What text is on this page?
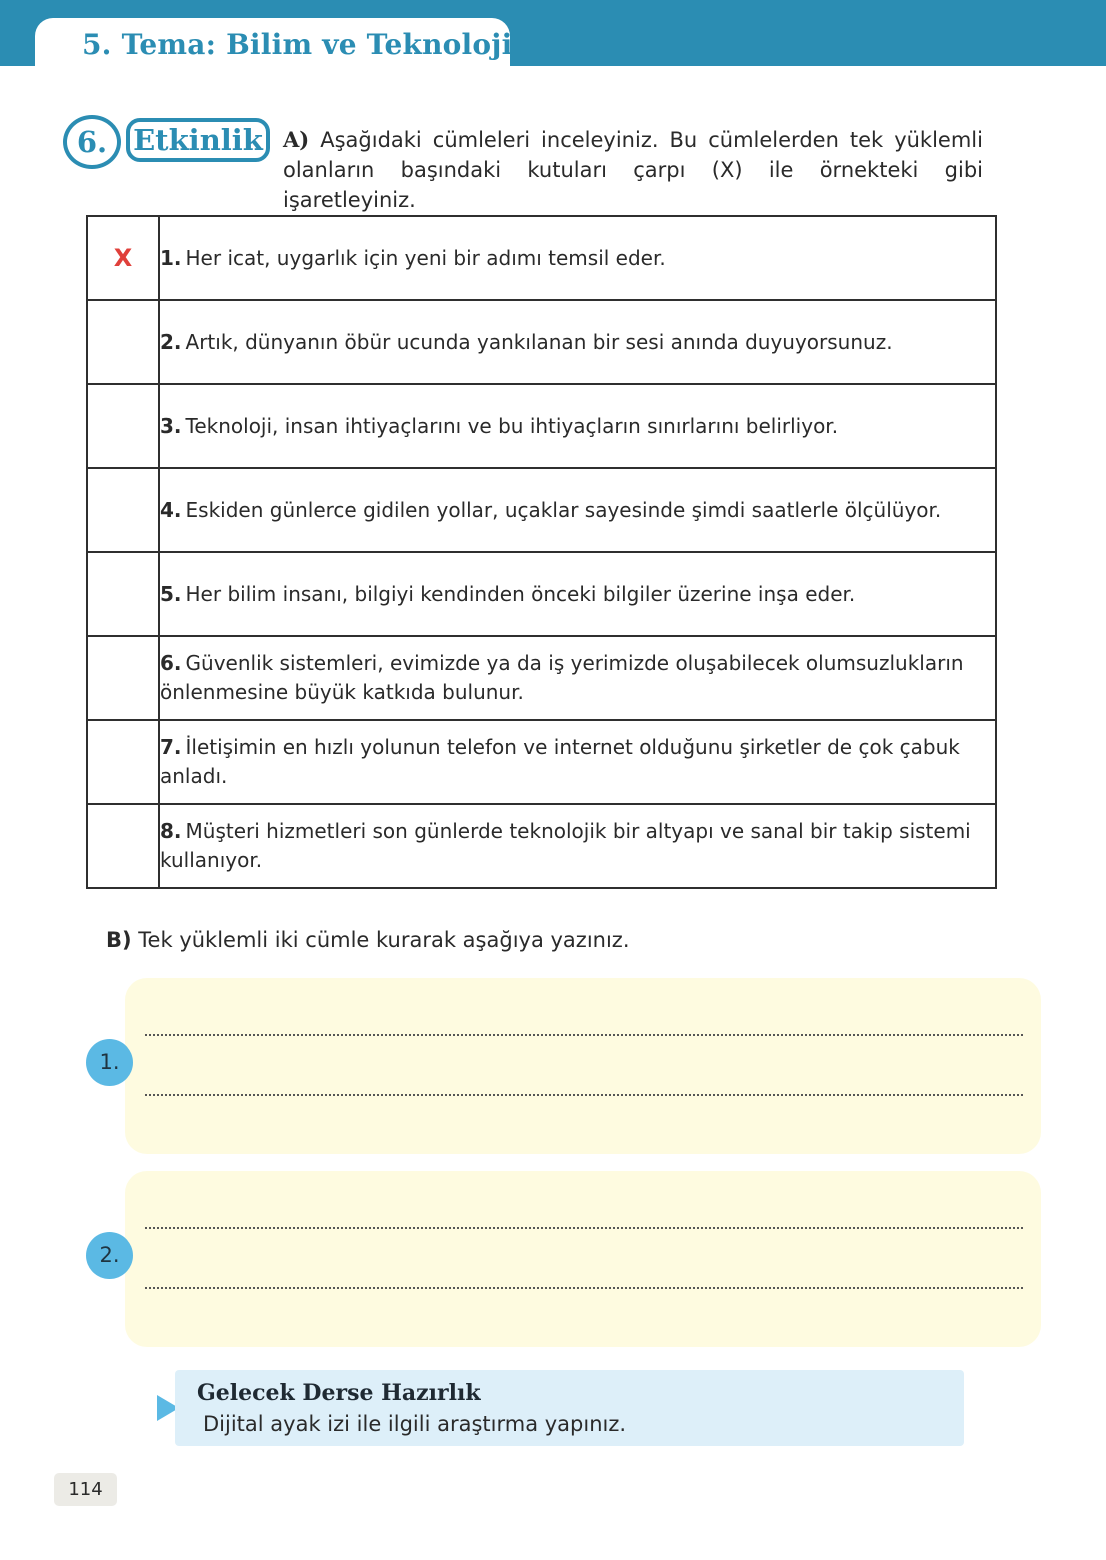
5. Tema: Bilim ve Teknoloji
6. Etkinlik A) Aşağıdaki cümleleri inceleyiniz. Bu cümlelerden tek yüklemli olanların başındaki kutuları çarpı (X) ile örnekteki gibi işaretleyiniz.
X	1. Her icat, uygarlık için yeni bir adımı temsil eder.
	2. Artık, dünyanın öbür ucunda yankılanan bir sesi anında duyuyorsunuz.
	3. Teknoloji, insan ihtiyaçlarını ve bu ihtiyaçların sınırlarını belirliyor.
	4. Eskiden günlerce gidilen yollar, uçaklar sayesinde şimdi saatlerle ölçülüyor.
	5. Her bilim insanı, bilgiyi kendinden önceki bilgiler üzerine inşa eder.
	6. Güvenlik sistemleri, evimizde ya da iş yerimizde oluşabilecek olumsuzlukların önlenmesine büyük katkıda bulunur.
	7. İletişimin en hızlı yolunun telefon ve internet olduğunu şirketler de çok çabuk anladı.
	8. Müşteri hizmetleri son günlerde teknolojik bir altyapı ve sanal bir takip sistemi kullanıyor.
B) Tek yüklemli iki cümle kurarak aşağıya yazınız.
1.
2.
Gelecek Derse Hazırlık
Dijital ayak izi ile ilgili araştırma yapınız.
114
